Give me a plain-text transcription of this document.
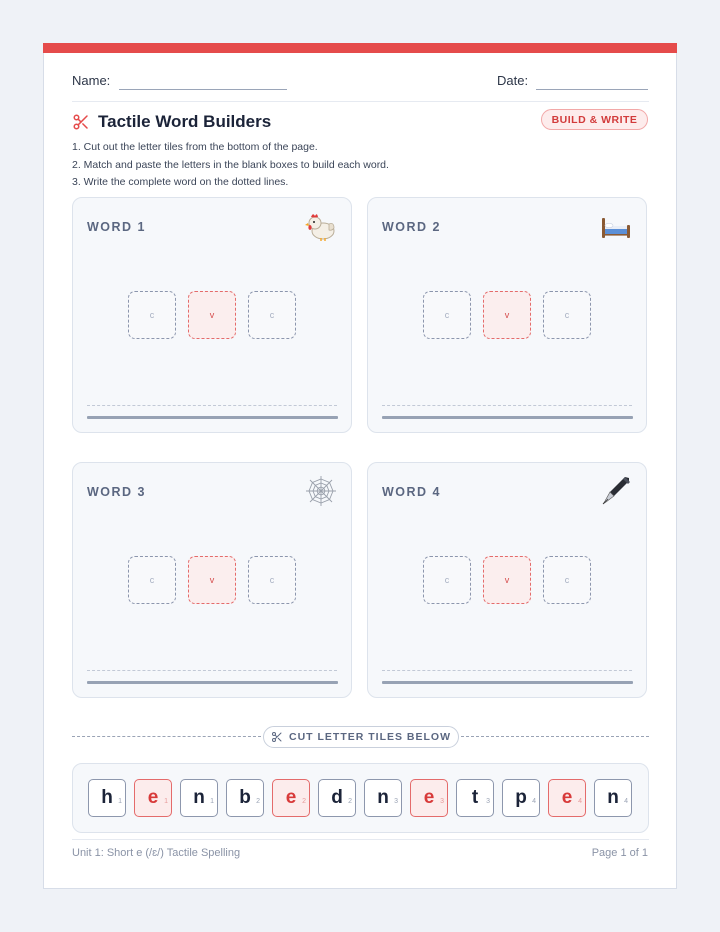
Name:	Date:
Tactile Word Builders	BUILD & WRITE
1. Cut out the letter tiles from the bottom of the page.
2. Match and paste the letters in the blank boxes to build each word.
3. Write the complete word on the dotted lines.
WORD 1
c	v	c
WORD 2
c	v	c
WORD 3
c	v	c
WORD 4
c	v	c
CUT LETTER TILES BELOW
h 1 e 1 n 1 b 2 e 2 d 2 n 3 e 3 t 3 p 4 e 4 n 4
Unit 1: Short e (/ɛ/) Tactile Spelling	Page 1 of 1
